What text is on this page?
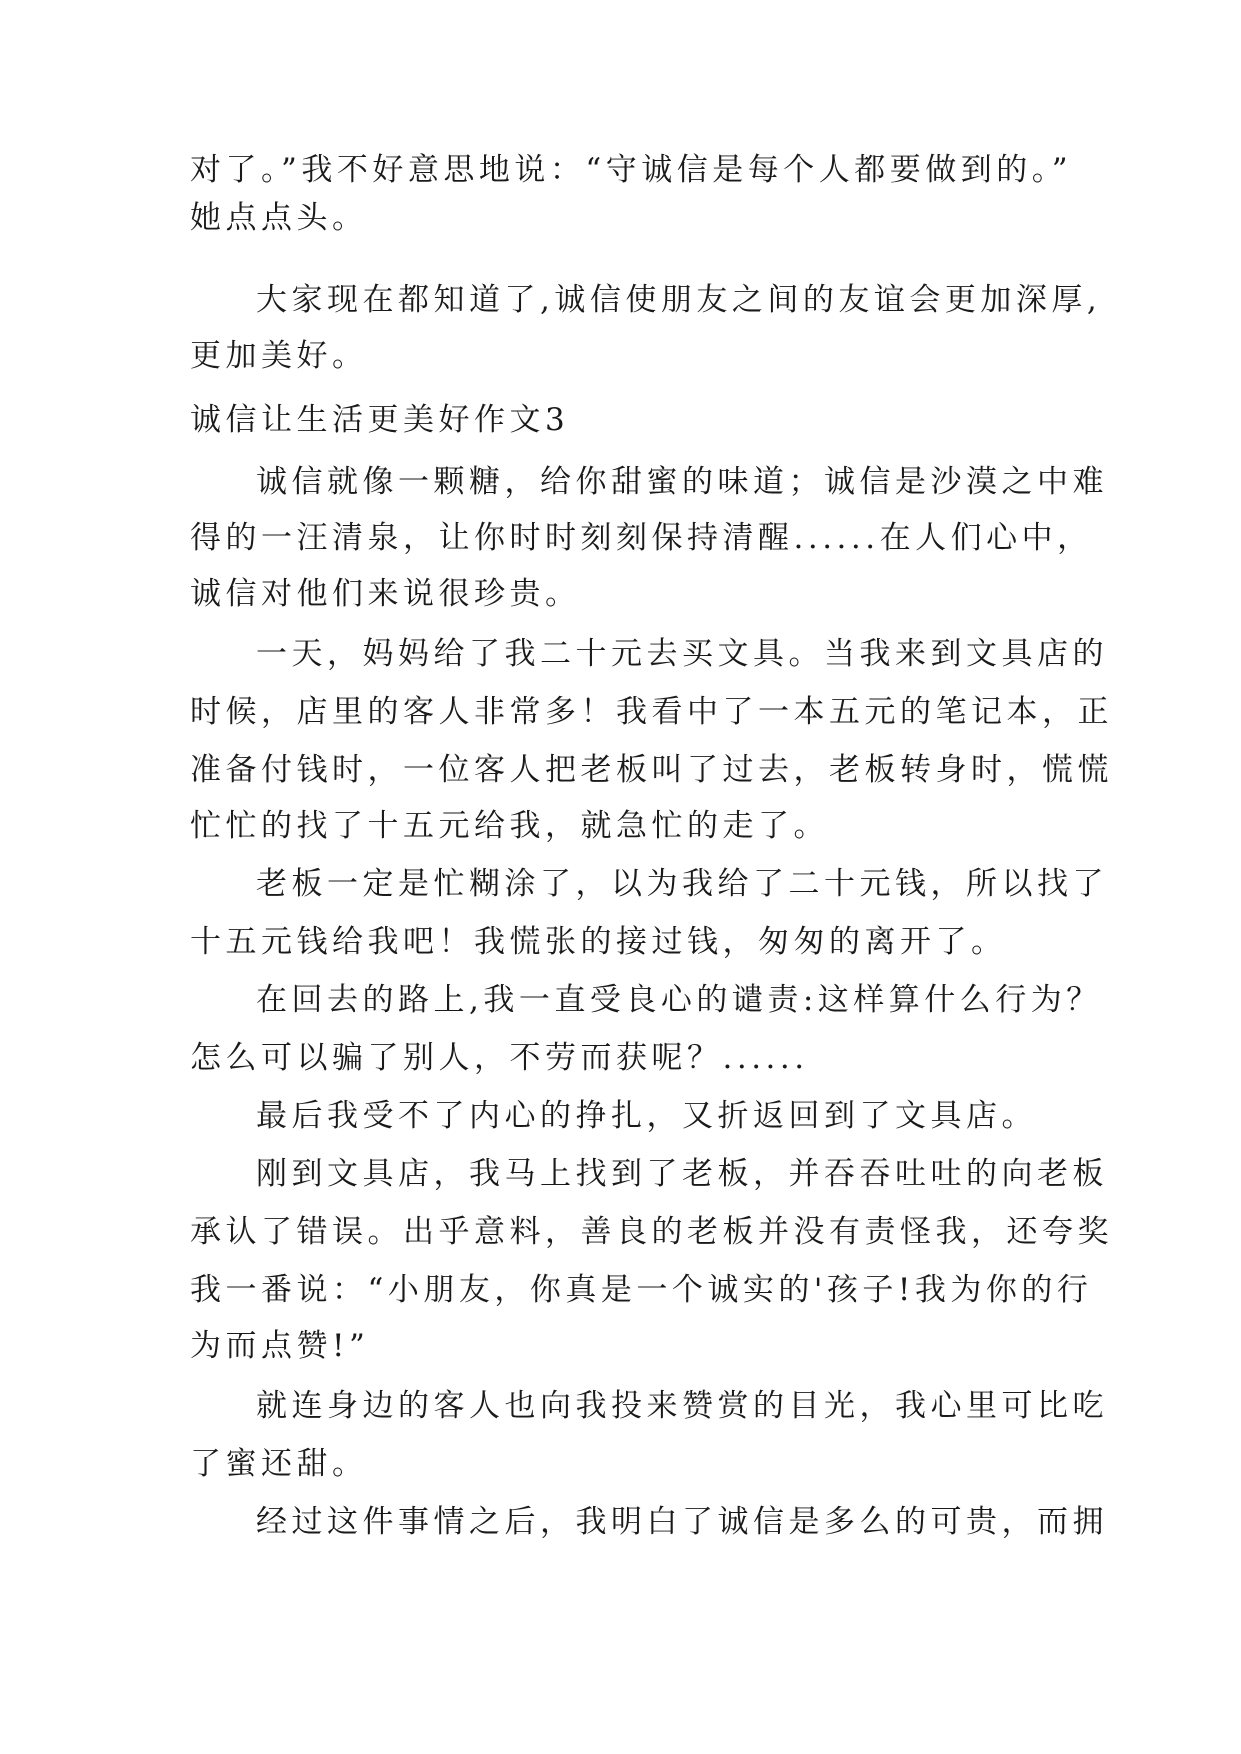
对了。”我不好意思地说：“守诚信是每个人都要做到的。”
她点点头。
大家现在都知道了,诚信使朋友之间的友谊会更加深厚,
更加美好。
诚信让生活更美好作文3
诚信就像一颗糖，给你甜蜜的味道；诚信是沙漠之中难
得的一汪清泉，让你时时刻刻保持清醒......在人们心中，
诚信对他们来说很珍贵。
一天，妈妈给了我二十元去买文具。当我来到文具店的
时候，店里的客人非常多！我看中了一本五元的笔记本，正
准备付钱时，一位客人把老板叫了过去，老板转身时，慌慌
忙忙的找了十五元给我，就急忙的走了。
老板一定是忙糊涂了，以为我给了二十元钱，所以找了
十五元钱给我吧！我慌张的接过钱，匆匆的离开了。
在回去的路上,我一直受良心的谴责:这样算什么行为？
怎么可以骗了别人，不劳而获呢？......
最后我受不了内心的挣扎，又折返回到了文具店。
刚到文具店，我马上找到了老板，并吞吞吐吐的向老板
承认了错误。出乎意料，善良的老板并没有责怪我，还夸奖
我一番说：“小朋友，你真是一个诚实的'孩子!我为你的行
为而点赞!”
就连身边的客人也向我投来赞赏的目光，我心里可比吃
了蜜还甜。
经过这件事情之后，我明白了诚信是多么的可贵，而拥
